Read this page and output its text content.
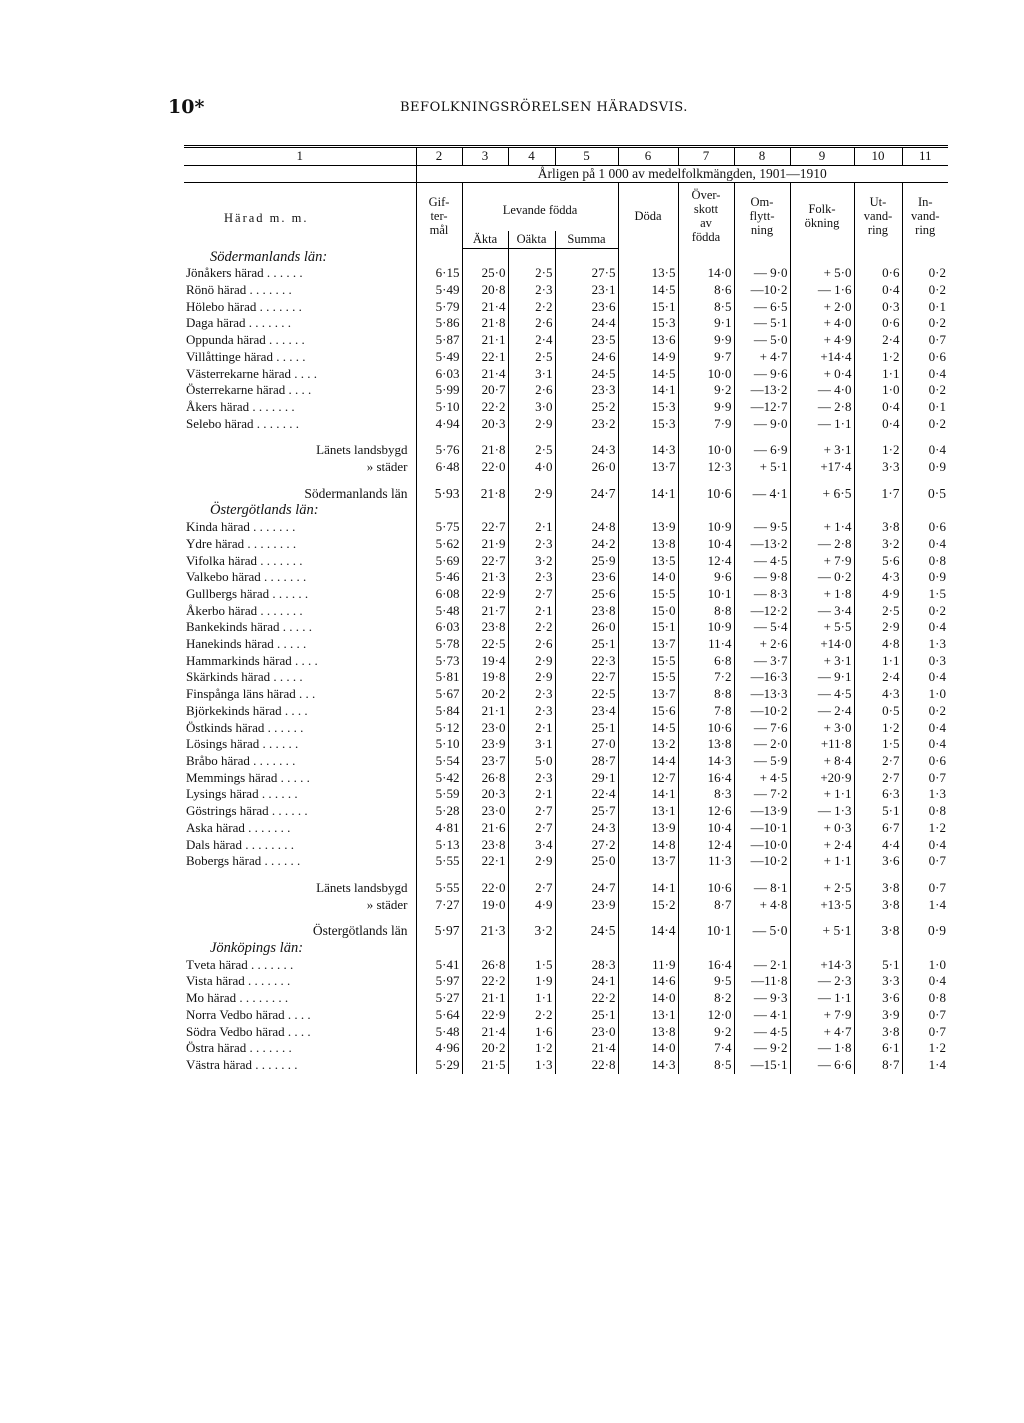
10*	BEFOLKNINGSRÖRELSEN HÄRADSVIS.
1	2	3	4	5	6	7	8	9	10	11
	Årligen på 1 000 av medelfolkmängden, 1901—1910									
Härad m. m.	Gif-
ter-
mål	Levande födda			Döda	Över-
skott
av
födda	Om-
flytt-
ning	Folk-
ökning	Ut-
vand-
ring	In-
vand-
ring
		Äkta	Oäkta	Summa						
Södermanlands län:										
Jönåkers härad . . . . . .	6·15	25·0	2·5	27·5	13·5	14·0	— 9·0	+ 5·0	0·6	0·2
Rönö härad . . . . . . .	5·49	20·8	2·3	23·1	14·5	8·6	—10·2	— 1·6	0·4	0·2
Hölebo härad . . . . . . .	5·79	21·4	2·2	23·6	15·1	8·5	— 6·5	+ 2·0	0·3	0·1
Daga härad . . . . . . .	5·86	21·8	2·6	24·4	15·3	9·1	— 5·1	+ 4·0	0·6	0·2
Oppunda härad . . . . . .	5·87	21·1	2·4	23·5	13·6	9·9	— 5·0	+ 4·9	2·4	0·7
Villåttinge härad . . . . .	5·49	22·1	2·5	24·6	14·9	9·7	+ 4·7	+14·4	1·2	0·6
Västerrekarne härad . . . .	6·03	21·4	3·1	24·5	14·5	10·0	— 9·6	+ 0·4	1·1	0·4
Österrekarne härad . . . .	5·99	20·7	2·6	23·3	14·1	9·2	—13·2	— 4·0	1·0	0·2
Åkers härad . . . . . . .	5·10	22·2	3·0	25·2	15·3	9·9	—12·7	— 2·8	0·4	0·1
Selebo härad . . . . . . .	4·94	20·3	2·9	23·2	15·3	7·9	— 9·0	— 1·1	0·4	0·2

Länets landsbygd	5·76	21·8	2·5	24·3	14·3	10·0	— 6·9	+ 3·1	1·2	0·4
» städer	6·48	22·0	4·0	26·0	13·7	12·3	+ 5·1	+17·4	3·3	0·9

Södermanlands län	5·93	21·8	2·9	24·7	14·1	10·6	— 4·1	+ 6·5	1·7	0·5
Östergötlands län:										
Kinda härad . . . . . . .	5·75	22·7	2·1	24·8	13·9	10·9	— 9·5	+ 1·4	3·8	0·6
Ydre härad . . . . . . . .	5·62	21·9	2·3	24·2	13·8	10·4	—13·2	— 2·8	3·2	0·4
Vifolka härad . . . . . . .	5·69	22·7	3·2	25·9	13·5	12·4	— 4·5	+ 7·9	5·6	0·8
Valkebo härad . . . . . . .	5·46	21·3	2·3	23·6	14·0	9·6	— 9·8	— 0·2	4·3	0·9
Gullbergs härad . . . . . .	6·08	22·9	2·7	25·6	15·5	10·1	— 8·3	+ 1·8	4·9	1·5
Åkerbo härad . . . . . . .	5·48	21·7	2·1	23·8	15·0	8·8	—12·2	— 3·4	2·5	0·2
Bankekinds härad . . . . .	6·03	23·8	2·2	26·0	15·1	10·9	— 5·4	+ 5·5	2·9	0·4
Hanekinds härad . . . . .	5·78	22·5	2·6	25·1	13·7	11·4	+ 2·6	+14·0	4·8	1·3
Hammarkinds härad . . . .	5·73	19·4	2·9	22·3	15·5	6·8	— 3·7	+ 3·1	1·1	0·3
Skärkinds härad . . . . .	5·81	19·8	2·9	22·7	15·5	7·2	—16·3	— 9·1	2·4	0·4
Finspånga läns härad . . .	5·67	20·2	2·3	22·5	13·7	8·8	—13·3	— 4·5	4·3	1·0
Björkekinds härad . . . .	5·84	21·1	2·3	23·4	15·6	7·8	—10·2	— 2·4	0·5	0·2
Östkinds härad . . . . . .	5·12	23·0	2·1	25·1	14·5	10·6	— 7·6	+ 3·0	1·2	0·4
Lösings härad . . . . . .	5·10	23·9	3·1	27·0	13·2	13·8	— 2·0	+11·8	1·5	0·4
Bråbo härad . . . . . . .	5·54	23·7	5·0	28·7	14·4	14·3	— 5·9	+ 8·4	2·7	0·6
Memmings härad . . . . .	5·42	26·8	2·3	29·1	12·7	16·4	+ 4·5	+20·9	2·7	0·7
Lysings härad . . . . . .	5·59	20·3	2·1	22·4	14·1	8·3	— 7·2	+ 1·1	6·3	1·3
Göstrings härad . . . . . .	5·28	23·0	2·7	25·7	13·1	12·6	—13·9	— 1·3	5·1	0·8
Aska härad . . . . . . .	4·81	21·6	2·7	24·3	13·9	10·4	—10·1	+ 0·3	6·7	1·2
Dals härad . . . . . . . .	5·13	23·8	3·4	27·2	14·8	12·4	—10·0	+ 2·4	4·4	0·4
Bobergs härad . . . . . .	5·55	22·1	2·9	25·0	13·7	11·3	—10·2	+ 1·1	3·6	0·7

Länets landsbygd	5·55	22·0	2·7	24·7	14·1	10·6	— 8·1	+ 2·5	3·8	0·7
» städer	7·27	19·0	4·9	23·9	15·2	8·7	+ 4·8	+13·5	3·8	1·4

Östergötlands län	5·97	21·3	3·2	24·5	14·4	10·1	— 5·0	+ 5·1	3·8	0·9
Jönköpings län:										
Tveta härad . . . . . . .	5·41	26·8	1·5	28·3	11·9	16·4	— 2·1	+14·3	5·1	1·0
Vista härad . . . . . . .	5·97	22·2	1·9	24·1	14·6	9·5	—11·8	— 2·3	3·3	0·4
Mo härad . . . . . . . .	5·27	21·1	1·1	22·2	14·0	8·2	— 9·3	— 1·1	3·6	0·8
Norra Vedbo härad . . . .	5·64	22·9	2·2	25·1	13·1	12·0	— 4·1	+ 7·9	3·9	0·7
Södra Vedbo härad . . . .	5·48	21·4	1·6	23·0	13·8	9·2	— 4·5	+ 4·7	3·8	0·7
Östra härad . . . . . . .	4·96	20·2	1·2	21·4	14·0	7·4	— 9·2	— 1·8	6·1	1·2
Västra härad . . . . . . .	5·29	21·5	1·3	22·8	14·3	8·5	—15·1	— 6·6	8·7	1·4
